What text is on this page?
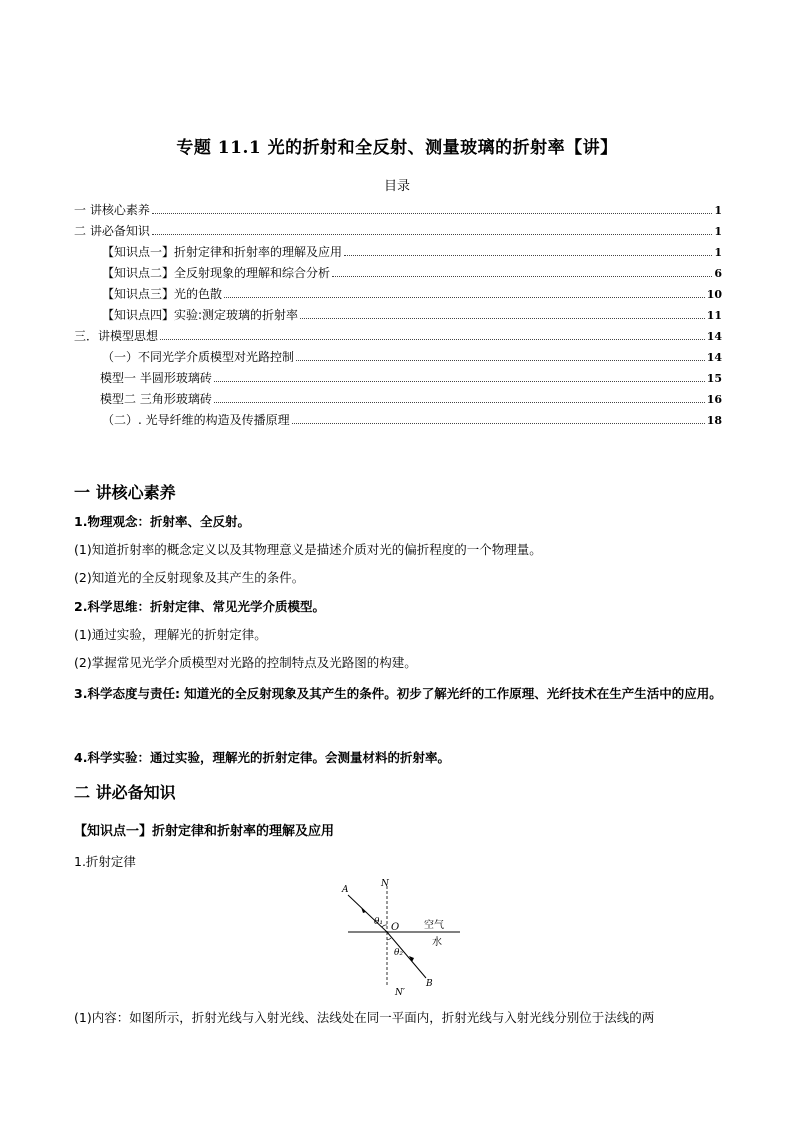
专题 11.1 光的折射和全反射、测量玻璃的折射率【讲】
目录
一 讲核心素养	1
二 讲必备知识	1
【知识点一】折射定律和折射率的理解及应用	1
【知识点二】全反射现象的理解和综合分析	6
【知识点三】光的色散	10
【知识点四】实验:测定玻璃的折射率	11
三．讲模型思想	14
（一）不同光学介质模型对光路控制	14
模型一 半圆形玻璃砖	15
模型二 三角形玻璃砖	16
（二）. 光导纤维的构造及传播原理	18
一 讲核心素养
1.物理观念：折射率、全反射。
(1)知道折射率的概念定义以及其物理意义是描述介质对光的偏折程度的一个物理量。
(2)知道光的全反射现象及其产生的条件。
2.科学思维：折射定律、常见光学介质模型。
(1)通过实验，理解光的折射定律。
(2)掌握常见光学介质模型对光路的控制特点及光路图的构建。
3.科学态度与责任: 知道光的全反射现象及其产生的条件。初步了解光纤的工作原理、光纤技术在生产生活中的应用。
4.科学实验：通过实验，理解光的折射定律。会测量材料的折射率。
二 讲必备知识
【知识点一】折射定律和折射率的理解及应用
1.折射定律
A
N
θ₁ O 空气
水
θ₂
B
N′
(1)内容：如图所示，折射光线与入射光线、法线处在同一平面内，折射光线与入射光线分别位于法线的两
